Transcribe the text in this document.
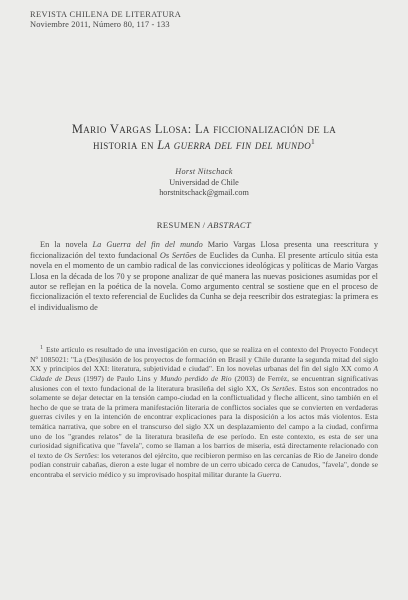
REVISTA CHILENA DE LITERATURA
Noviembre 2011, Número 80, 117 - 133
Mario Vargas Llosa: La ficcionalización de la
historia en La guerra del fin del mundo$^1$
Horst Nitschack
Universidad de Chile
horstnitschack@gmail.com
RESUMEN / ABSTRACT
En la novela La Guerra del fin del mundo Mario Vargas Llosa presenta una reescritura y ficcionalización del texto fundacional Os Sertões de Euclides da Cunha. El presente artículo sitúa esta novela en el momento de un cambio radical de las convicciones ideológicas y políticas de Mario Vargas Llosa en la década de los 70 y se propone analizar de qué manera las nuevas posiciones asumidas por el autor se reflejan en la poética de la novela. Como argumento central se sostiene que en el proceso de ficcionalización el texto referencial de Euclides da Cunha se deja reescribir dos estrategias: la primera es el individualismo de
$^1$ Este artículo es resultado de una investigación en curso, que se realiza en el contexto del Proyecto Fondecyt Nº 1085021: "La (Des)ilusión de los proyectos de formación en Brasil y Chile durante la segunda mitad del siglo XX y principios del XXI: literatura, subjetividad e ciudad". En los novelas urbanas del fin del siglo XX como A Cidade de Deus (1997) de Paulo Lins y Mundo perdido de Rio (2003) de Ferréz, se encuentran significativas alusiones con el texto fundacional de la literatura brasileña del siglo XX, Os Sertões. Estos son encontrados no solamente se dejar detectar en la tensión campo-ciudad en la conflictualidad y fleche allicent, sino también en el hecho de que se trata de la primera manifestación literaria de conflictos sociales que se convierten en verdaderas guerras civiles y en la intención de encontrar explicaciones para la disposición a los actos más violentos. Esta temática narrativa, que sobre en el transcurso del siglo XX un desplazamiento del campo a la ciudad, confirma uno de los "grandes relatos" de la literatura brasileña de ese período. En este contexto, es esta de ser una curiosidad significativa que "favela", como se llaman a los barrios de miseria, está directamente relacionado con el texto de Os Sertões: los veteranos del ejército, que recibieron permiso en las cercanías de Rio de Janeiro donde podían construir cabañas, dieron a este lugar el nombre de un cerro ubicado cerca de Canudos, "favela", donde se encontraba el servicio médico y su improvisado hospital militar durante la Guerra.
